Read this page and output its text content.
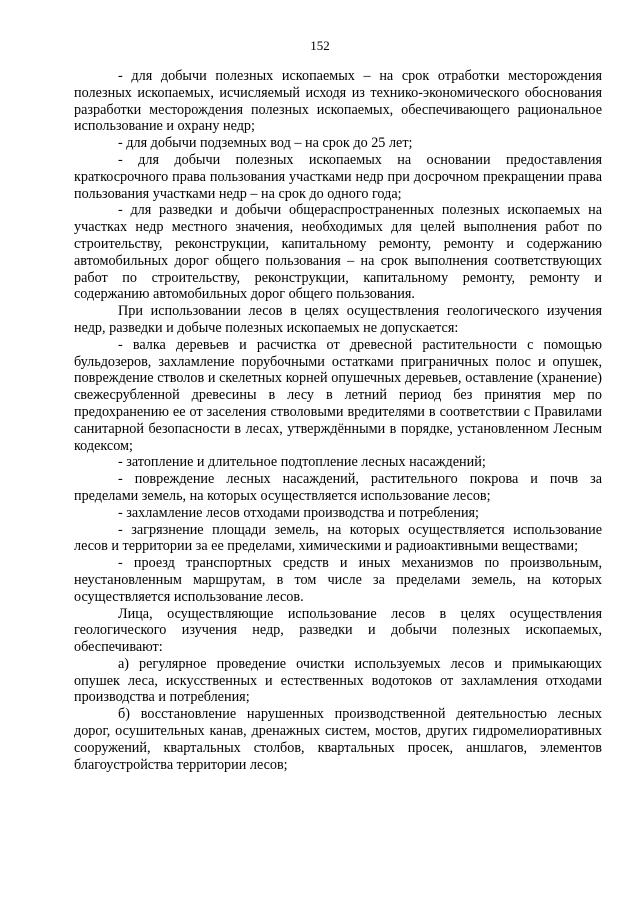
152

- для добычи полезных ископаемых – на срок отработки месторождения полезных ископаемых, исчисляемый исходя из технико-экономического обоснования разработки месторождения полезных ископаемых, обеспечивающего рациональное использование и охрану недр;

- для добычи подземных вод – на срок до 25 лет;

- для добычи полезных ископаемых на основании предоставления краткосрочного права пользования участками недр при досрочном прекращении права пользования участками недр – на срок до одного года;

- для разведки и добычи общераспространенных полезных ископаемых на участках недр местного значения, необходимых для целей выполнения работ по строительству, реконструкции, капитальному ремонту, ремонту и содержанию автомобильных дорог общего пользования – на срок выполнения соответствующих работ по строительству, реконструкции, капитальному ремонту, ремонту и содержанию автомобильных дорог общего пользования.

При использовании лесов в целях осуществления геологического изучения недр, разведки и добыче полезных ископаемых не допускается:

- валка деревьев и расчистка от древесной растительности с помощью бульдозеров, захламление порубочными остатками приграничных полос и опушек, повреждение стволов и скелетных корней опушечных деревьев, оставление (хранение) свежесрубленной древесины в лесу в летний период без принятия мер по предохранению ее от заселения стволовыми вредителями в соответствии с Правилами санитарной безопасности в лесах, утверждёнными в порядке, установленном Лесным кодексом;

- затопление и длительное подтопление лесных насаждений;

- повреждение лесных насаждений, растительного покрова и почв за пределами земель, на которых осуществляется использование лесов;

- захламление лесов отходами производства и потребления;

- загрязнение площади земель, на которых осуществляется использование лесов и территории за ее пределами, химическими и радиоактивными веществами;

- проезд транспортных средств и иных механизмов по произвольным, неустановленным маршрутам, в том числе за пределами земель, на которых осуществляется использование лесов.

Лица, осуществляющие использование лесов в целях осуществления геологического изучения недр, разведки и добычи полезных ископаемых, обеспечивают:

а) регулярное проведение очистки используемых лесов и примыкающих опушек леса, искусственных и естественных водотоков от захламления отходами производства и потребления;

б) восстановление нарушенных производственной деятельностью лесных дорог, осушительных канав, дренажных систем, мостов, других гидромелиоративных сооружений, квартальных столбов, квартальных просек, аншлагов, элементов благоустройства территории лесов;
